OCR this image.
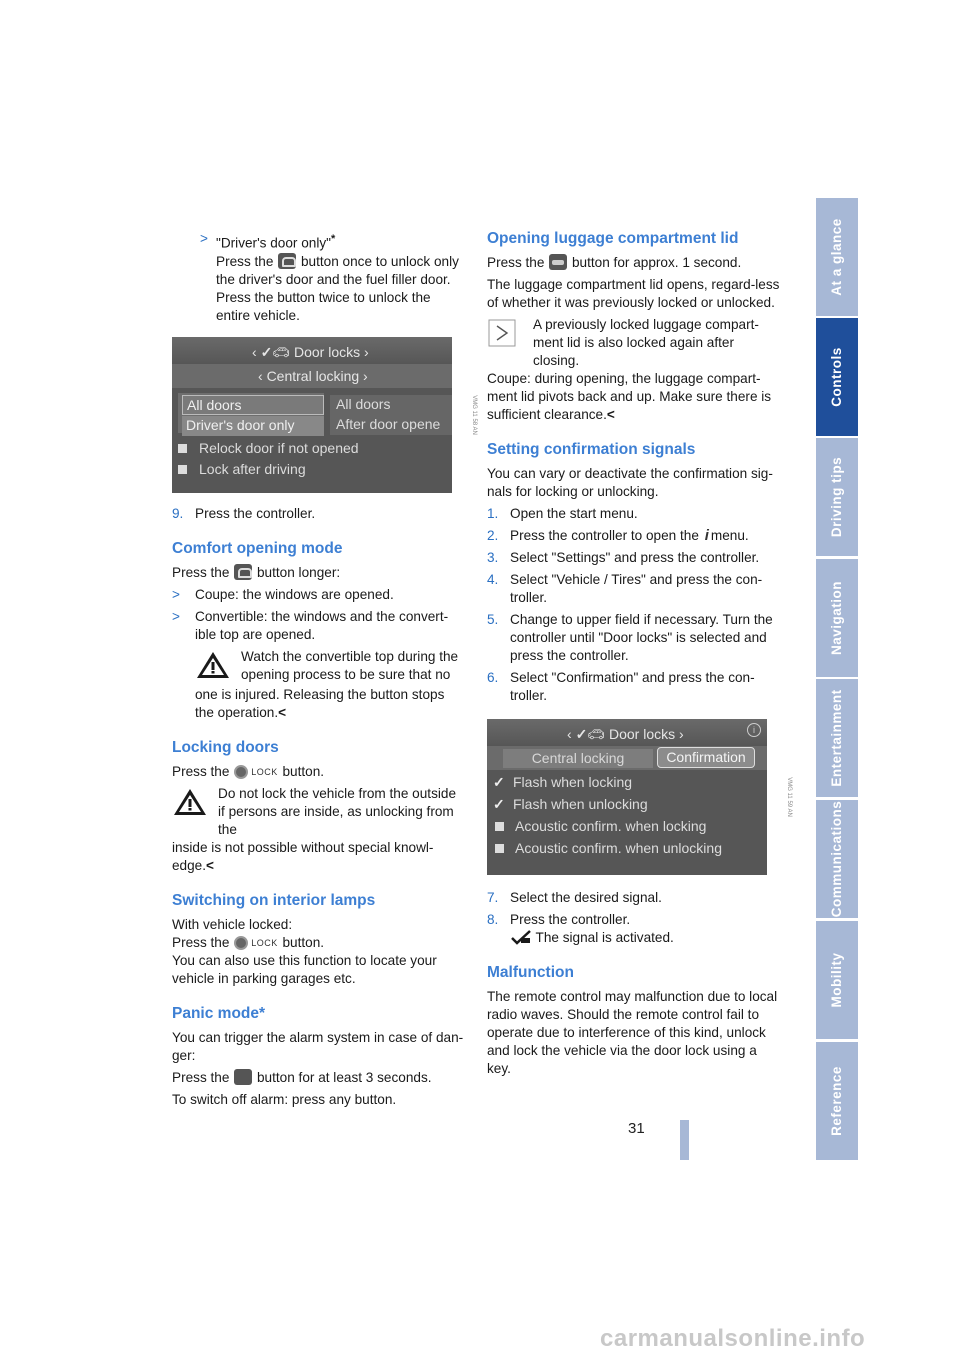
At a glance
Controls
Driving tips
Navigation
Entertainment
Communications
Mobility
Reference
> "Driver's door only"*
Press the button once to unlock only the driver's door and the fuel filler door. Press the button twice to unlock the entire vehicle.
‹ ✓🚗︎ Door locks ›
‹ Central locking ›
All doors
Driver's door only
All doors
After door opene
Relock door if not opened
Lock after driving
VMG 11 58 AN
9. Press the controller.
Comfort opening mode

Press the button longer:

> Coupe: the windows are opened.
> Convertible: the windows and the convert-ible top are opened.
Watch the convertible top during the opening process to be sure that no
one is injured. Releasing the button stops the operation.<
Locking doors

Press the LOCK button.

Do not lock the vehicle from the outside if persons are inside, as unlocking from the
inside is not possible without special knowl-edge.<
Switching on interior lamps

With vehicle locked:
Press the LOCK button.
You can also use this function to locate your vehicle in parking garages etc.

Panic mode*

You can trigger the alarm system in case of dan-ger:

Press the button for at least 3 seconds.

To switch off alarm: press any button.

Opening luggage compartment lid

Press the button for approx. 1 second.

The luggage compartment lid opens, regard-less of whether it was previously locked or unlocked.

A previously locked luggage compart-ment lid is also locked again after closing.
Coupe: during opening, the luggage compart-ment lid pivots back and up. Make sure there is sufficient clearance.<
Setting confirmation signals

You can vary or deactivate the confirmation sig-nals for locking or unlocking.

1. Open the start menu.
2. Press the controller to open the i menu.
3. Select "Settings" and press the controller.
4. Select "Vehicle / Tires" and press the con-troller.
5. Change to upper field if necessary. Turn the controller until "Door locks" is selected and press the controller.
6. Select "Confirmation" and press the con-troller.
‹ ✓🚗︎ Door locks ›	i
Central locking	Confirmation
✓ Flash when locking
✓ Flash when unlocking
Acoustic confirm. when locking
Acoustic confirm. when unlocking
VMG 11 59 AN
7. Select the desired signal.
8. Press the controller.
The signal is activated.
Malfunction

The remote control may malfunction due to local radio waves. Should the remote control fail to operate due to interference of this kind, unlock and lock the vehicle via the door lock using a key.

31
carmanualsonline.info
